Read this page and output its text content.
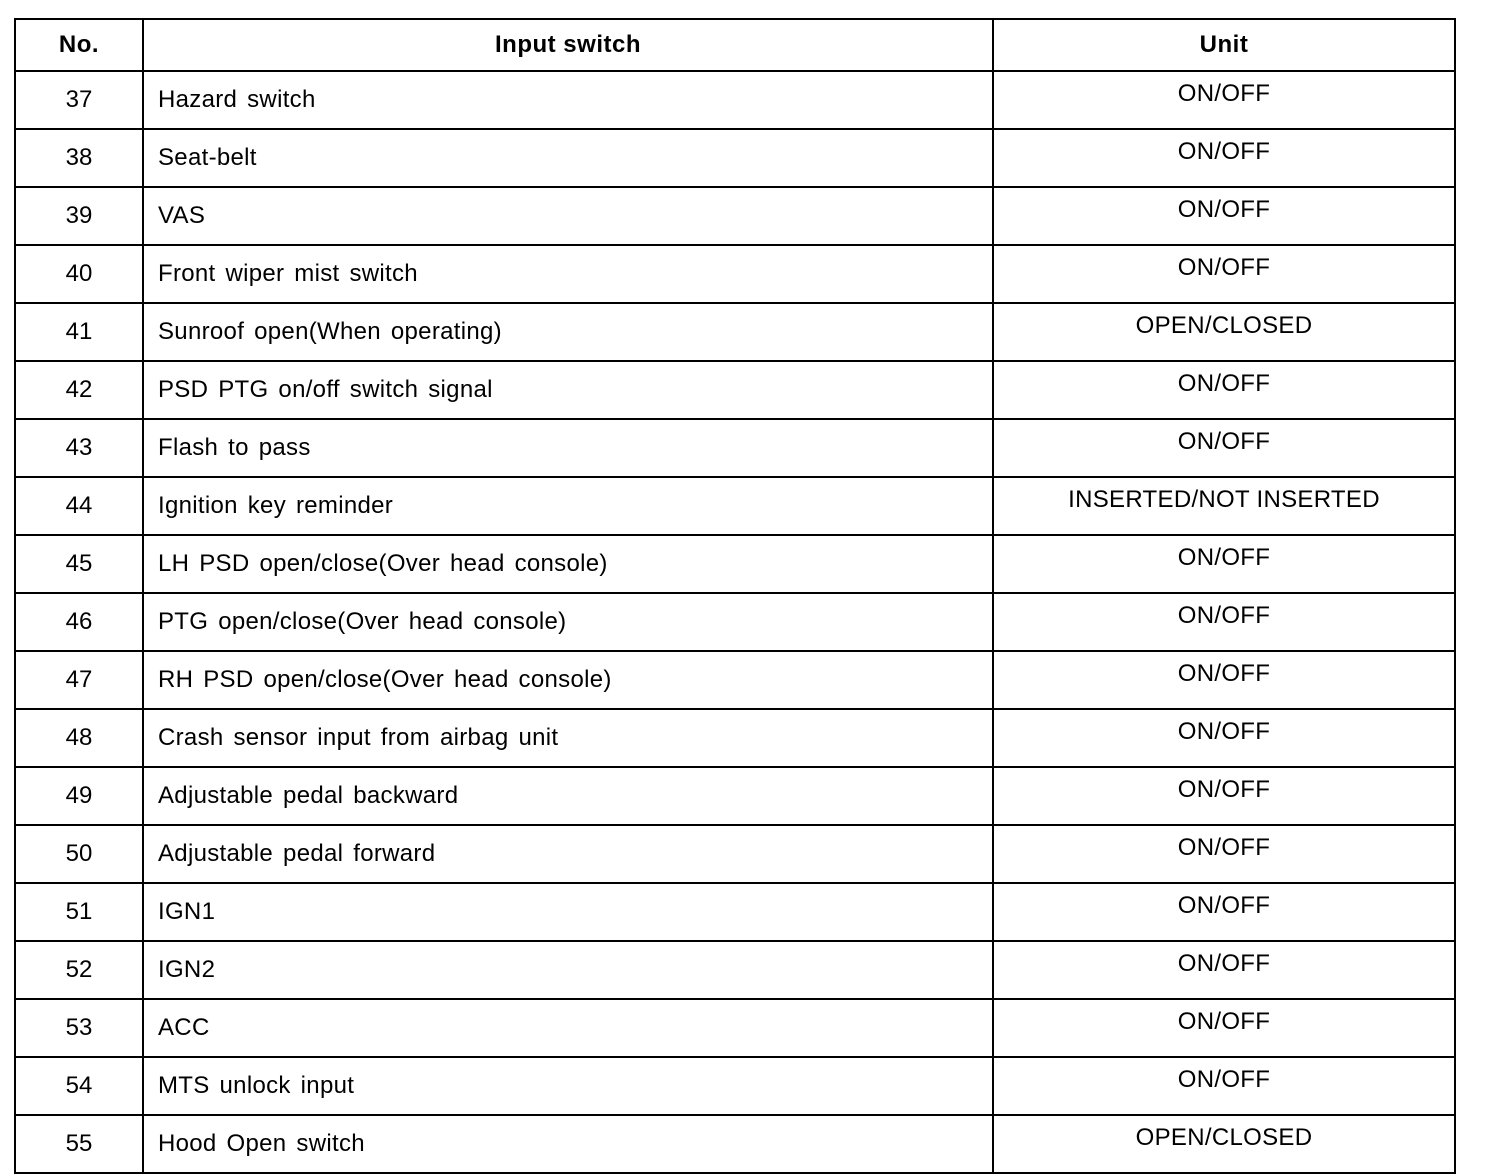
No.	Input switch	Unit
37	Hazard switch	ON/OFF
38	Seat-belt	ON/OFF
39	VAS	ON/OFF
40	Front wiper mist switch	ON/OFF
41	Sunroof open(When operating)	OPEN/CLOSED
42	PSD PTG on/off switch signal	ON/OFF
43	Flash to pass	ON/OFF
44	Ignition key reminder	INSERTED/NOT INSERTED
45	LH PSD open/close(Over head console)	ON/OFF
46	PTG open/close(Over head console)	ON/OFF
47	RH PSD open/close(Over head console)	ON/OFF
48	Crash sensor input from airbag unit	ON/OFF
49	Adjustable pedal backward	ON/OFF
50	Adjustable pedal forward	ON/OFF
51	IGN1	ON/OFF
52	IGN2	ON/OFF
53	ACC	ON/OFF
54	MTS unlock input	ON/OFF
55	Hood Open switch	OPEN/CLOSED
